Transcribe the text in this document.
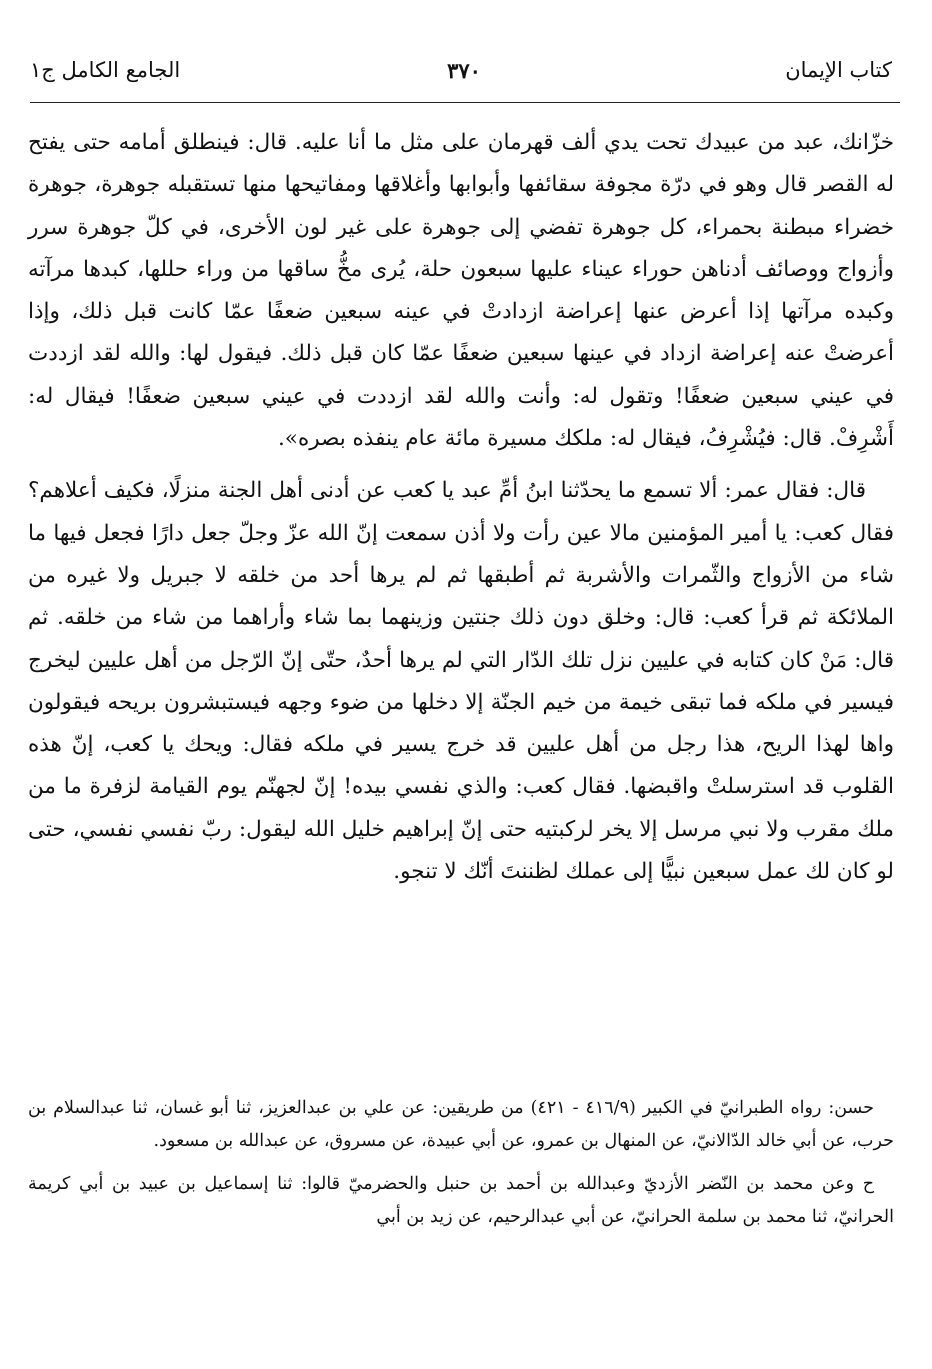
كتاب الإيمان
٣٧٠
الجامع الكامل ج١

خزّانك، عبد من عبيدك تحت يدي ألف قهرمان على مثل ما أنا عليه. قال: فينطلق أمامه حتى يفتح له القصر قال وهو في درّة مجوفة سقائفها وأبوابها وأغلاقها ومفاتيحها منها تستقبله جوهرة، جوهرة خضراء مبطنة بحمراء، كل جوهرة تفضي إلى جوهرة على غير لون الأخرى، في كلّ جوهرة سرر وأزواج ووصائف أدناهن حوراء عيناء عليها سبعون حلة، يُرى مخُّ ساقها من وراء حللها، كبدها مرآته وكبده مرآتها إذا أعرض عنها إعراضة ازدادتْ في عينه سبعين ضعفًا عمّا كانت قبل ذلك، وإذا أعرضتْ عنه إعراضة ازداد في عينها سبعين ضعفًا عمّا كان قبل ذلك. فيقول لها: والله لقد ازددت في عيني سبعين ضعفًا! وتقول له: وأنت والله لقد ازددت في عيني سبعين ضعفًا! فيقال له: أَشْرِفْ. قال: فيُشْرِفُ، فيقال له: ملكك مسيرة مائة عام ينفذه بصره».

قال: فقال عمر: ألا تسمع ما يحدّثنا ابنُ أمِّ عبد يا كعب عن أدنى أهل الجنة منزلًا، فكيف أعلاهم؟ فقال كعب: يا أمير المؤمنين مالا عين رأت ولا أذن سمعت إنّ الله عزّ وجلّ جعل دارًا فجعل فيها ما شاء من الأزواج والثّمرات والأشربة ثم أطبقها ثم لم يرها أحد من خلقه لا جبريل ولا غيره من الملائكة ثم قرأ كعب: قال: وخلق دون ذلك جنتين وزينهما بما شاء وأراهما من شاء من خلقه. ثم قال: مَنْ كان كتابه في عليين نزل تلك الدّار التي لم يرها أحدٌ، حتّى إنّ الرّجل من أهل عليين ليخرج فيسير في ملكه فما تبقى خيمة من خيم الجنّة إلا دخلها من ضوء وجهه فيستبشرون بريحه فيقولون واها لهذا الريح، هذا رجل من أهل عليين قد خرج يسير في ملكه فقال: ويحك يا كعب، إنّ هذه القلوب قد استرسلتْ واقبضها. فقال كعب: والذي نفسي بيده! إنّ لجهنّم يوم القيامة لزفرة ما من ملك مقرب ولا نبي مرسل إلا يخر لركبتيه حتى إنّ إبراهيم خليل الله ليقول: ربّ نفسي نفسي، حتى لو كان لك عمل سبعين نبيًّا إلى عملك لظننتَ أنّك لا تنجو.

حسن: رواه الطبرانيّ في الكبير (٤١٦/٩ - ٤٢١) من طريقين: عن علي بن عبدالعزيز، ثنا أبو غسان، ثنا عبدالسلام بن حرب، عن أبي خالد الدّالانيّ، عن المنهال بن عمرو، عن أبي عبيدة، عن مسروق، عن عبدالله بن مسعود.

ح وعن محمد بن النّضر الأزديّ وعبدالله بن أحمد بن حنبل والحضرميّ قالوا: ثنا إسماعيل بن عبيد بن أبي كريمة الحرانيّ، ثنا محمد بن سلمة الحرانيّ، عن أبي عبدالرحيم، عن زيد بن أبي
